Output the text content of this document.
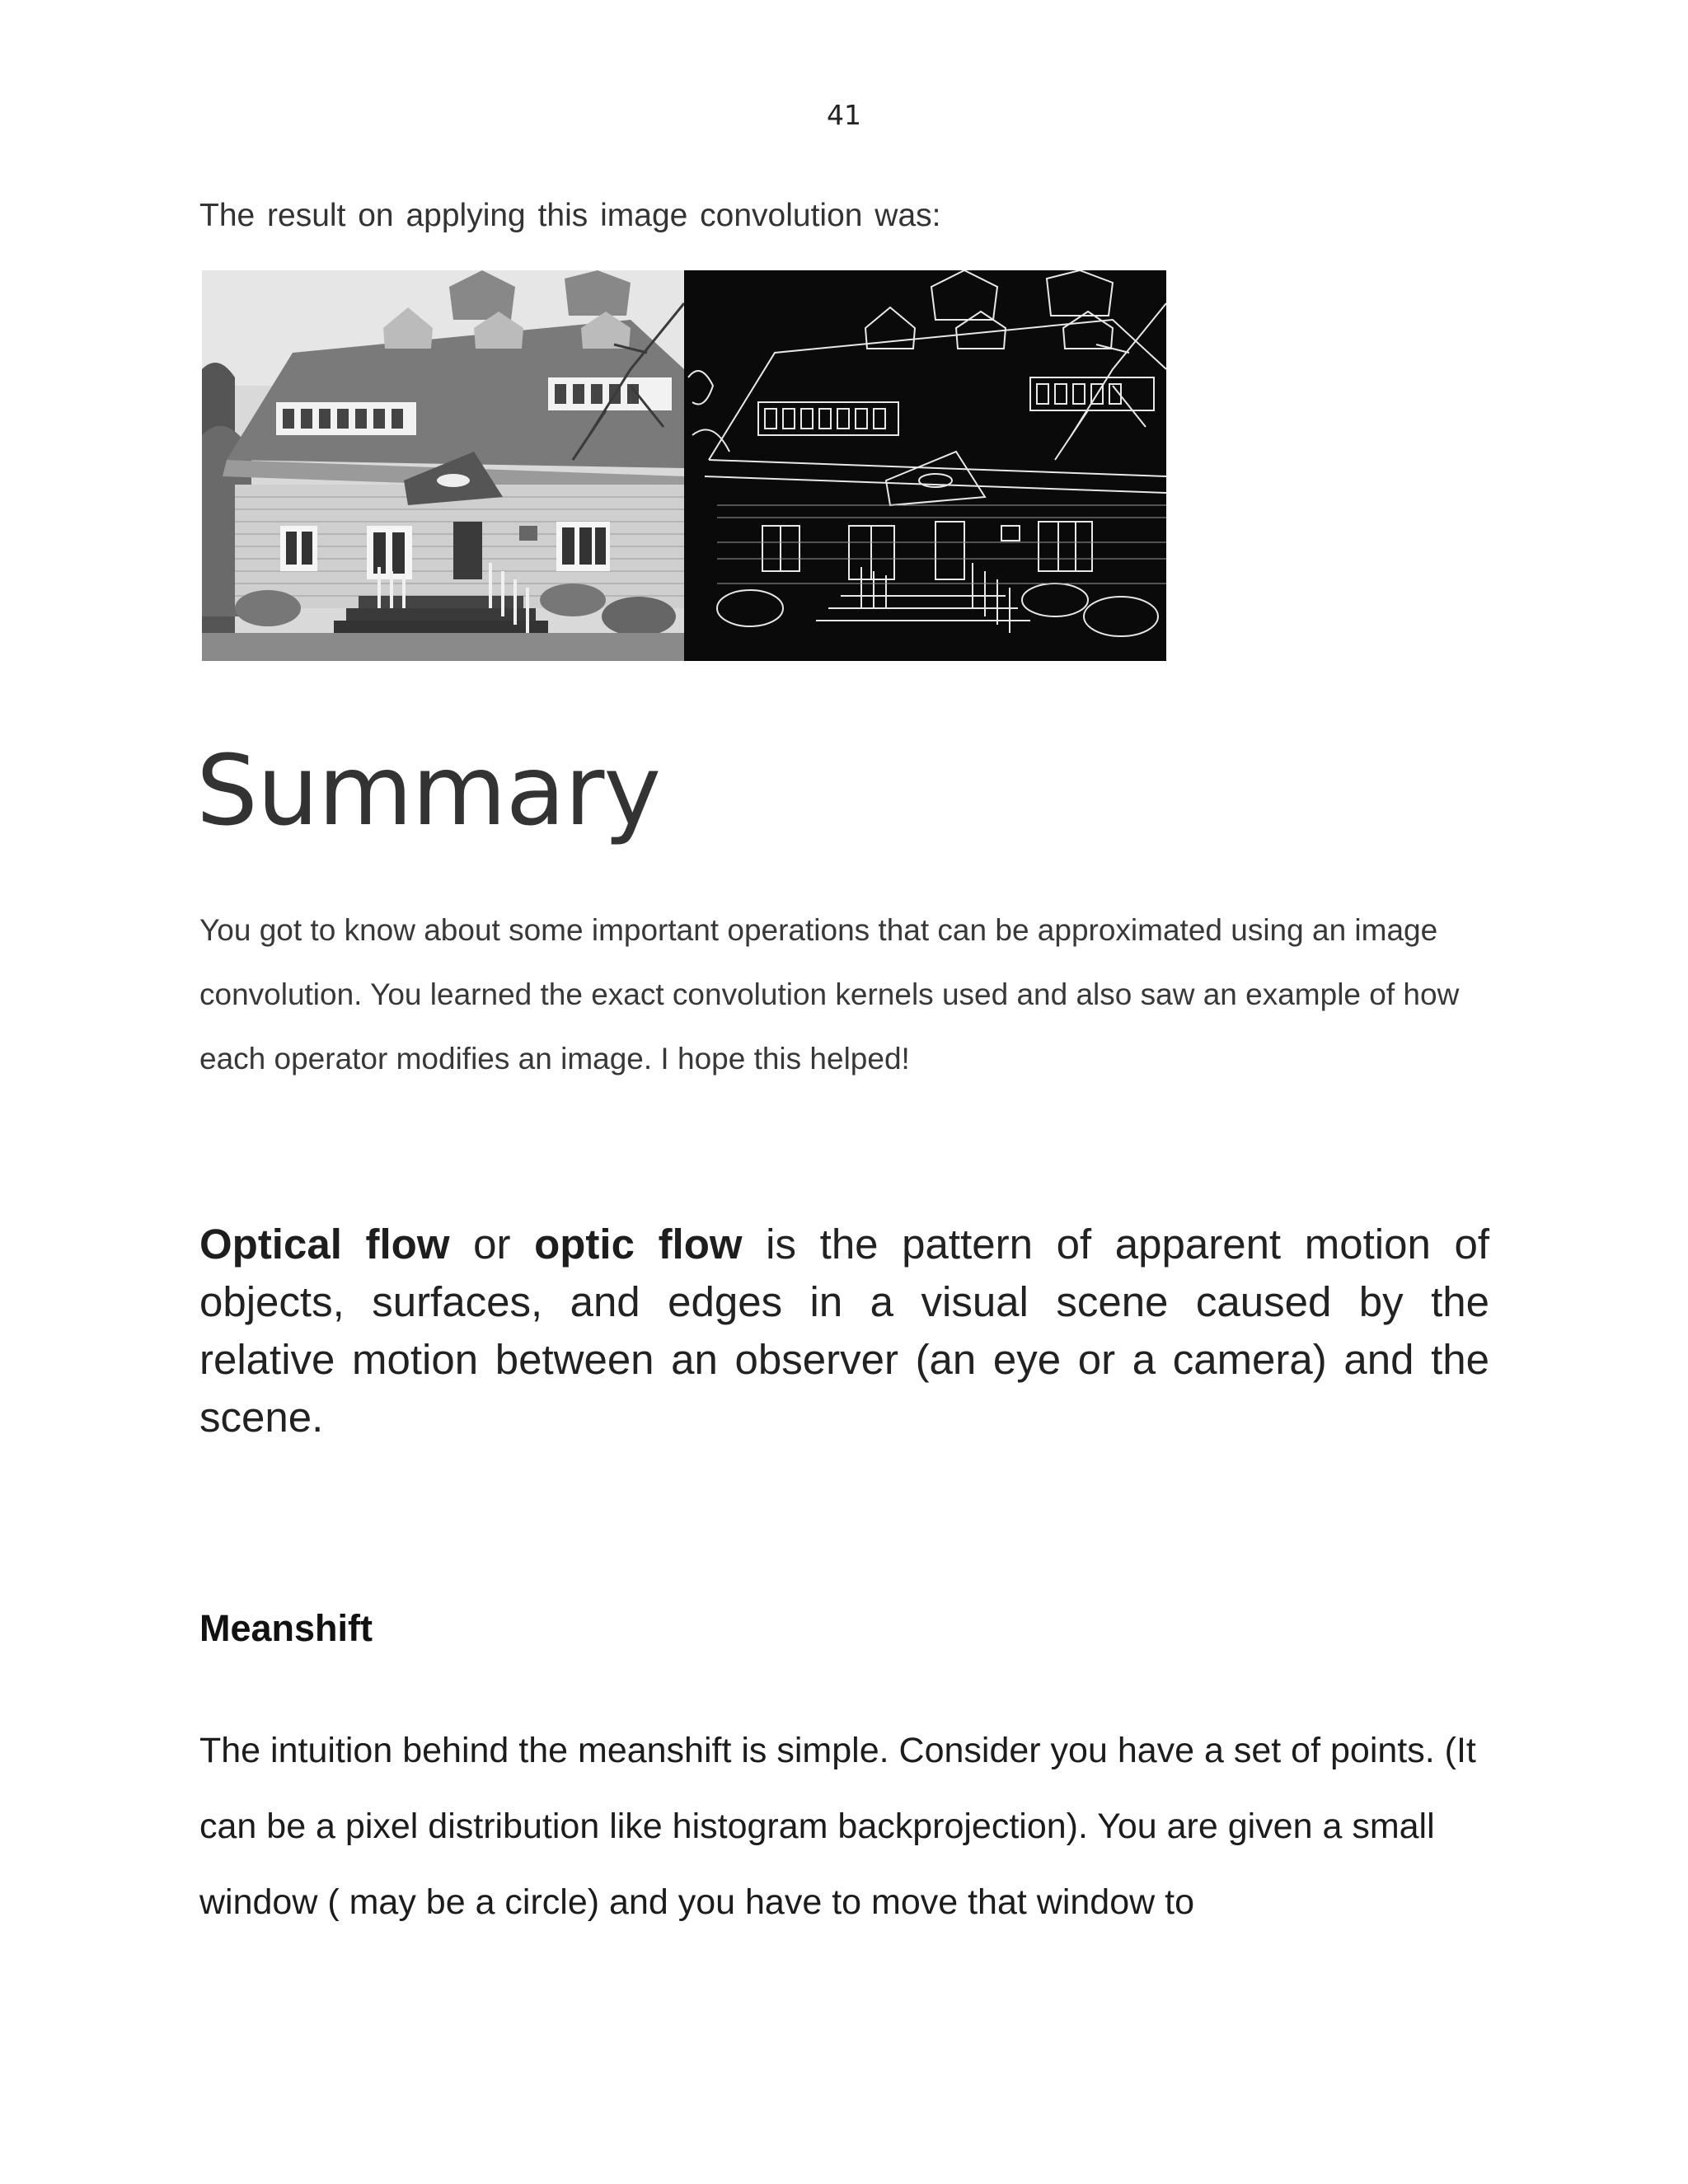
41
The result on applying this image convolution was:
Summary

You got to know about some important operations that can be approximated using an image convolution. You learned the exact convolution kernels used and also saw an example of how each operator modifies an image. I hope this helped!

Optical flow or optic flow is the pattern of apparent motion of objects, surfaces, and edges in a visual scene caused by the relative motion between an observer (an eye or a camera) and the scene.

Meanshift

The intuition behind the meanshift is simple. Consider you have a set of points. (It can be a pixel distribution like histogram backprojection). You are given a small window ( may be a circle) and you have to move that window to
